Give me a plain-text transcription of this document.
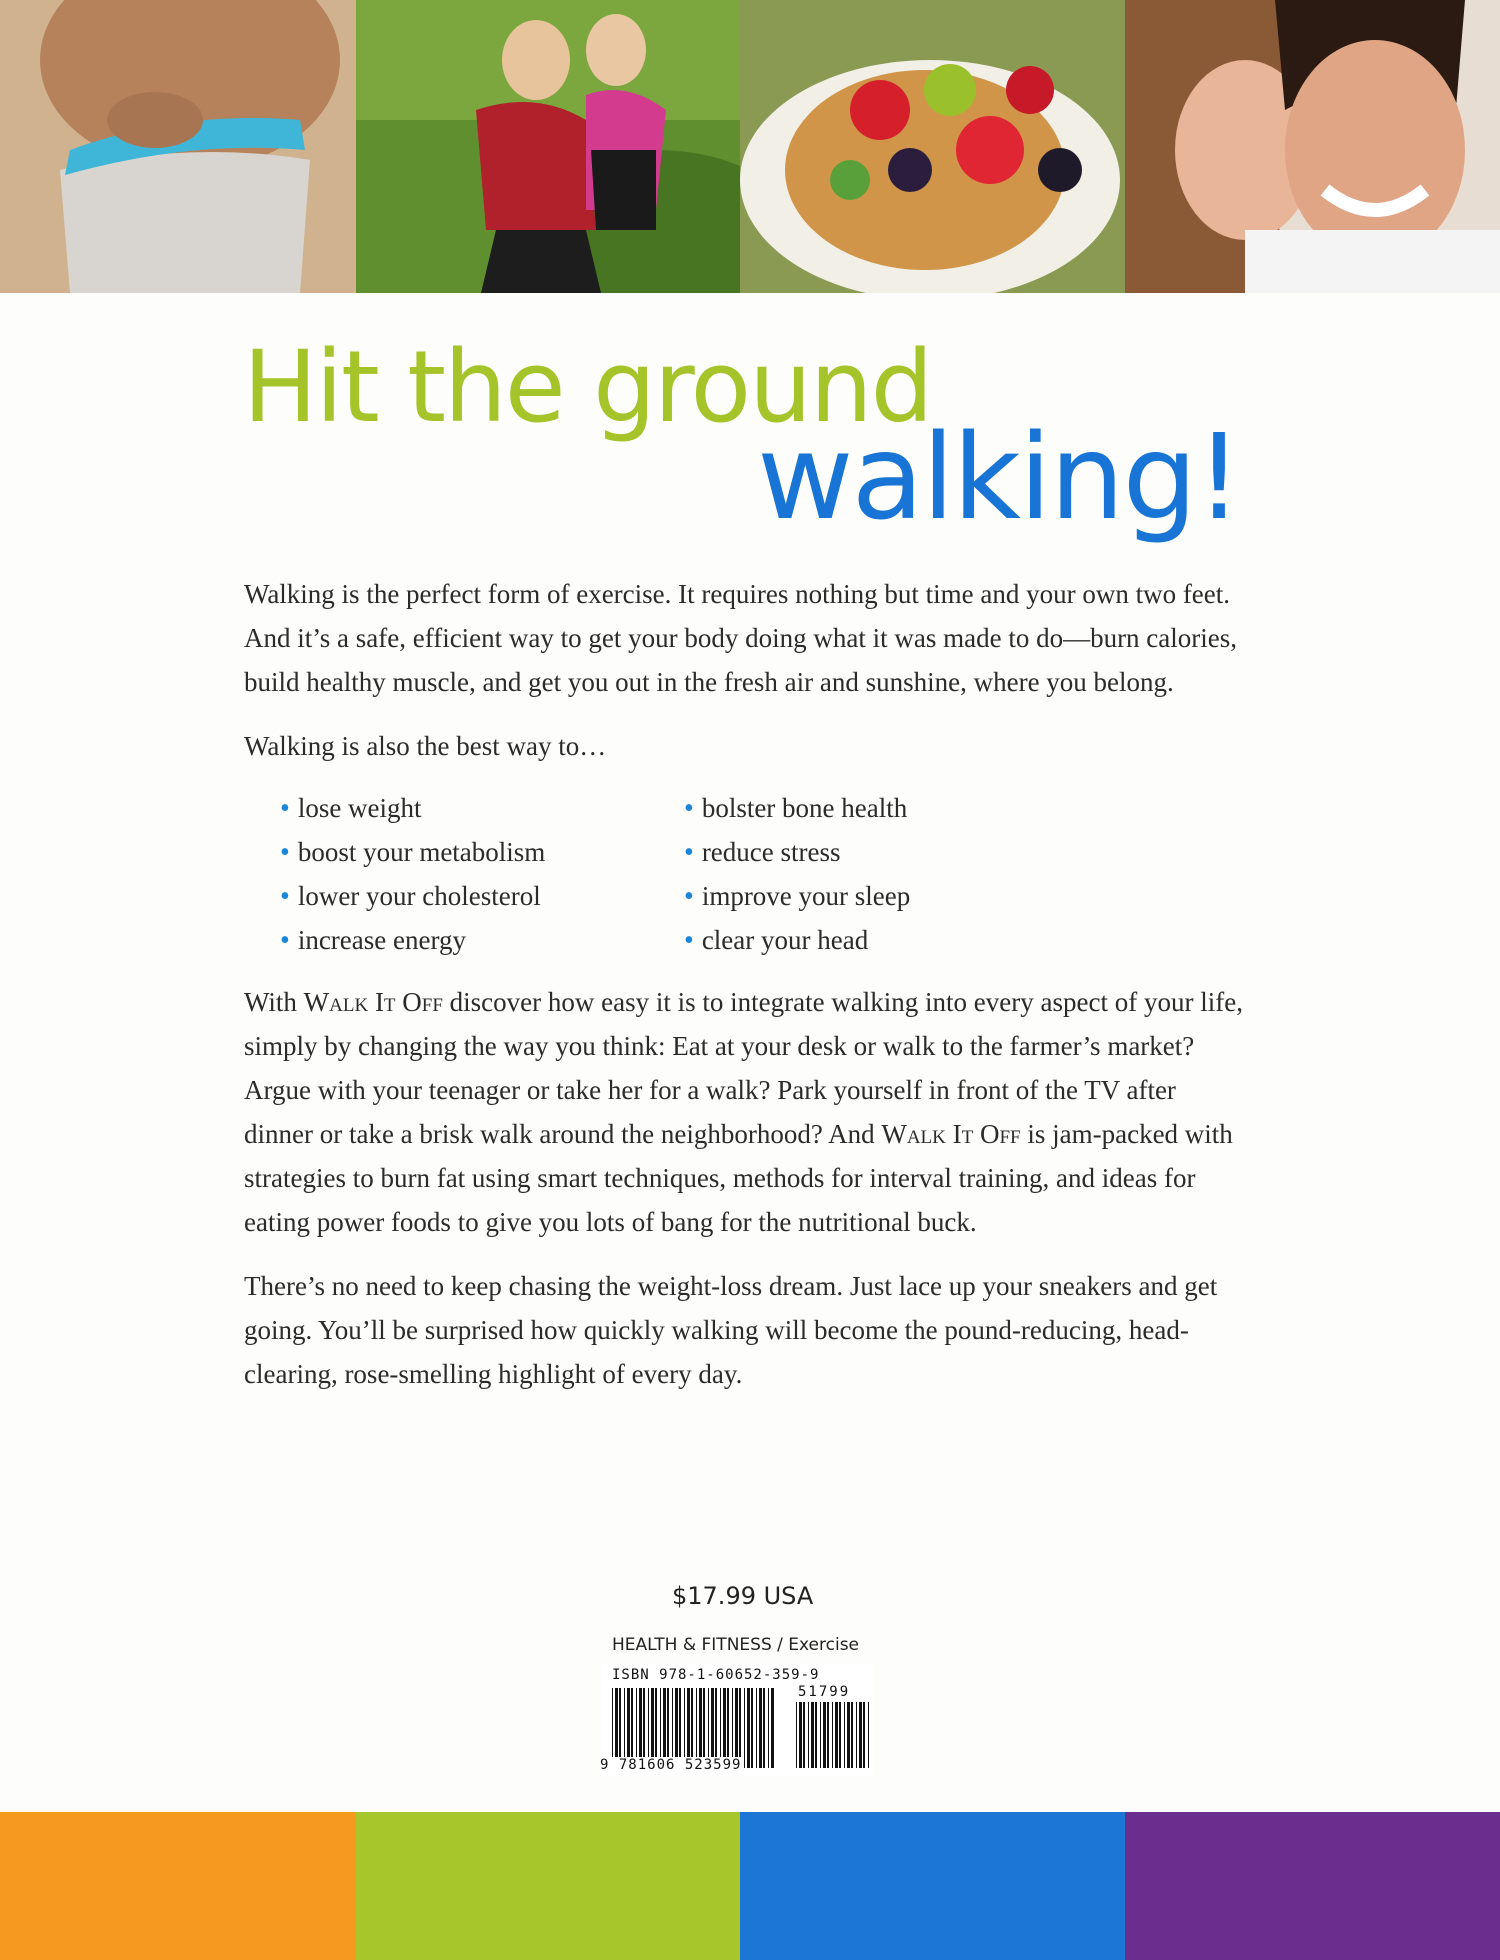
Hit the ground
walking!

Walking is the perfect form of exercise. It requires nothing but time and your own two feet. And it’s a safe, efficient way to get your body doing what it was made to do—burn calories, build healthy muscle, and get you out in the fresh air and sunshine, where you belong.

Walking is also the best way to…

• lose weight
• boost your metabolism
• lower your cholesterol
• increase energy
• bolster bone health
• reduce stress
• improve your sleep
• clear your head

With Walk It Off discover how easy it is to integrate walking into every aspect of your life, simply by changing the way you think: Eat at your desk or walk to the farmer’s market? Argue with your teenager or take her for a walk? Park yourself in front of the TV after dinner or take a brisk walk around the neighborhood? And Walk It Off is jam-packed with strategies to burn fat using smart techniques, methods for interval training, and ideas for eating power foods to give you lots of bang for the nutritional buck.

There’s no need to keep chasing the weight-loss dream. Just lace up your sneakers and get going. You’ll be surprised how quickly walking will become the pound-reducing, head-clearing, rose-smelling highlight of every day.

$17.99 USA
HEALTH & FITNESS / Exercise
ISBN 978-1-60652-359-9
51799
9 781606 523599
